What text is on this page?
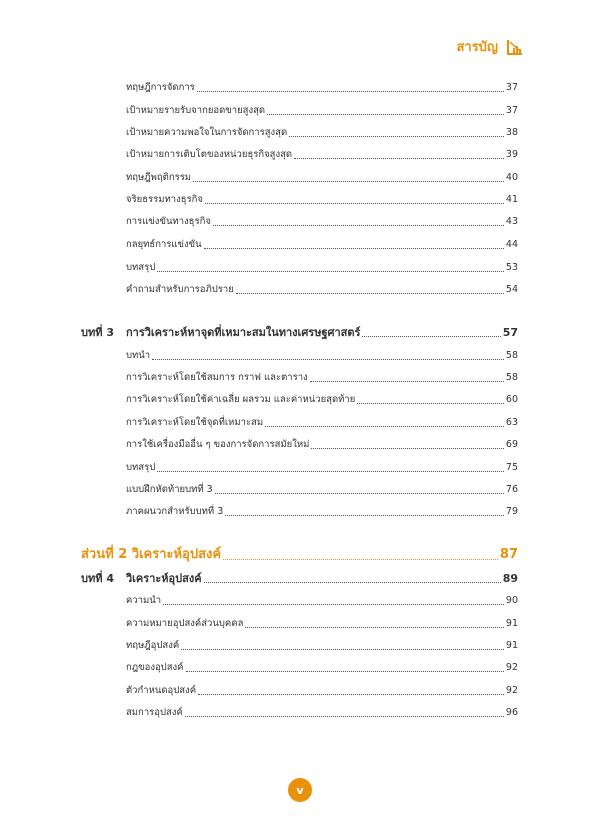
สารบัญ
ทฤษฎีการจัดการ	37
เป้าหมายรายรับจากยอดขายสูงสุด	37
เป้าหมายความพอใจในการจัดการสูงสุด	38
เป้าหมายการเติบโตของหน่วยธุรกิจสูงสุด	39
ทฤษฎีพฤติกรรม	40
จริยธรรมทางธุรกิจ	41
การแข่งขันทางธุรกิจ	43
กลยุทธ์การแข่งขัน	44
บทสรุป	53
คำถามสำหรับการอภิปราย	54
บทที่ 3 การวิเคราะห์หาจุดที่เหมาะสมในทางเศรษฐศาสตร์	57
บทนำ	58
การวิเคราะห์โดยใช้สมการ กราฟ และตาราง	58
การวิเคราะห์โดยใช้ค่าเฉลี่ย ผลรวม และค่าหน่วยสุดท้าย	60
การวิเคราะห์โดยใช้จุดที่เหมาะสม	63
การใช้เครื่องมืออื่น ๆ ของการจัดการสมัยใหม่	69
บทสรุป	75
แบบฝึกหัดท้ายบทที่ 3	76
ภาคผนวกสำหรับบทที่ 3	79
ส่วนที่ 2 วิเคราะห์อุปสงค์	87
บทที่ 4 วิเคราะห์อุปสงค์	89
ความนำ	90
ความหมายอุปสงค์ส่วนบุคคล	91
ทฤษฎีอุปสงค์	91
กฎของอุปสงค์	92
ตัวกำหนดอุปสงค์	92
สมการอุปสงค์	96
v
